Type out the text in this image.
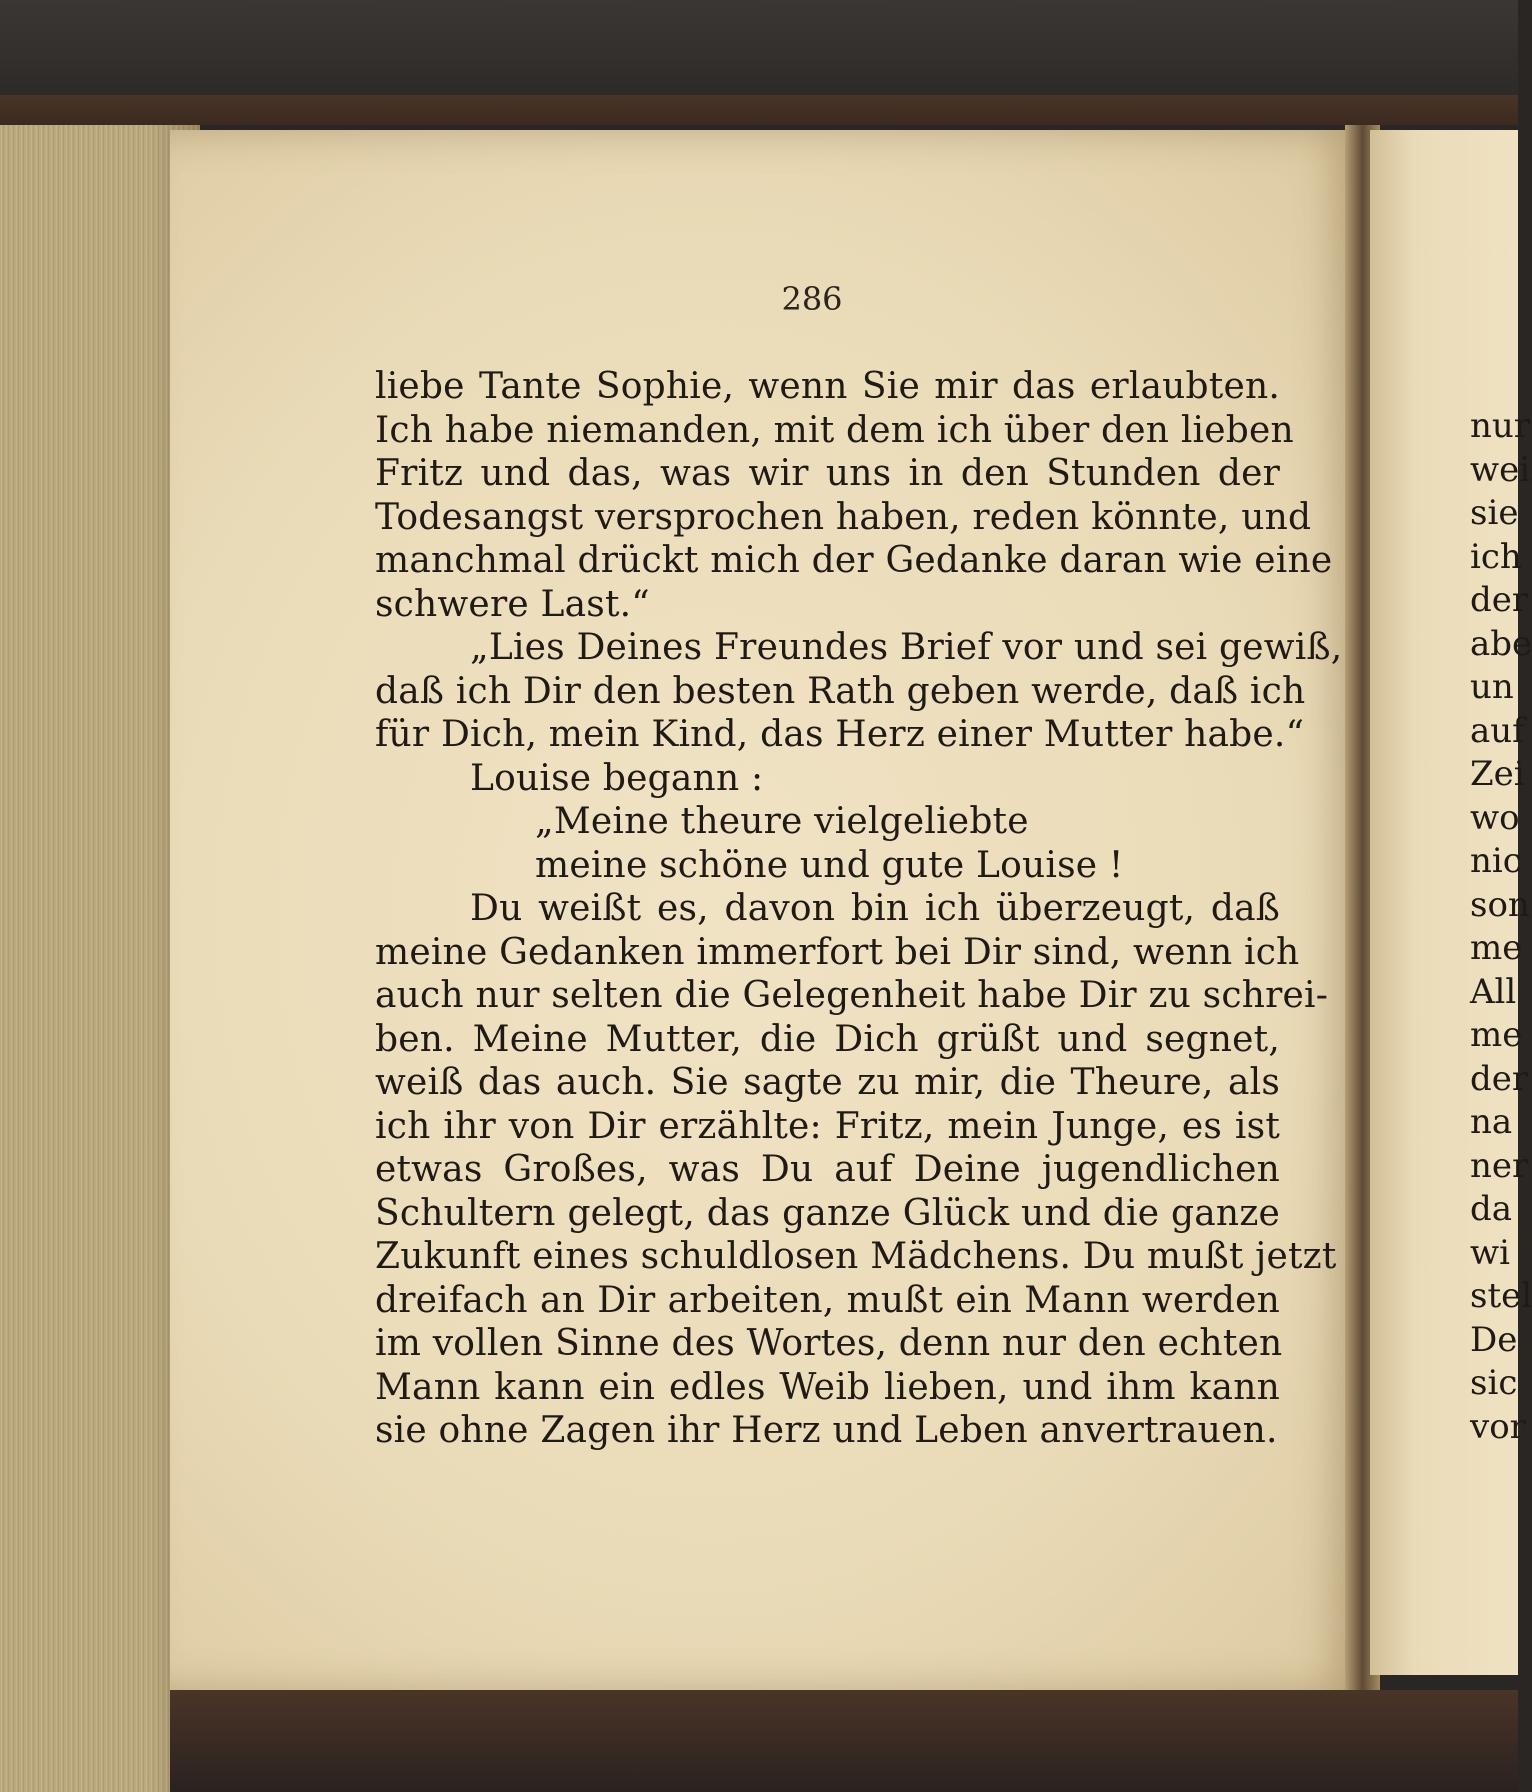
286
liebe Tante Sophie, wenn Sie mir das erlaubten.
Ich habe niemanden, mit dem ich über den lieben
Fritz und das, was wir uns in den Stunden der
Todesangst versprochen haben, reden könnte, und
manchmal drückt mich der Gedanke daran wie eine
schwere Last.“
„Lies Deines Freundes Brief vor und sei gewiß,
daß ich Dir den besten Rath geben werde, daß ich
für Dich, mein Kind, das Herz einer Mutter habe.“
Louise begann :
„Meine theure vielgeliebte
meine schöne und gute Louise !
Du weißt es, davon bin ich überzeugt, daß
meine Gedanken immerfort bei Dir sind, wenn ich
auch nur selten die Gelegenheit habe Dir zu schrei-
ben. Meine Mutter, die Dich grüßt und segnet,
weiß das auch. Sie sagte zu mir, die Theure, als
ich ihr von Dir erzählte: Fritz, mein Junge, es ist
etwas Großes, was Du auf Deine jugendlichen
Schultern gelegt, das ganze Glück und die ganze
Zukunft eines schuldlosen Mädchens. Du mußt jetzt
dreifach an Dir arbeiten, mußt ein Mann werden
im vollen Sinne des Wortes, denn nur den echten
Mann kann ein edles Weib lieben, und ihm kann
sie ohne Zagen ihr Herz und Leben anvertrauen.
nur
wei
sie
ich
der
abe
un
auf
Zei
wo
nic
son
me
All
me
der
na
ner
da
wi
stel
De
sic
vor
